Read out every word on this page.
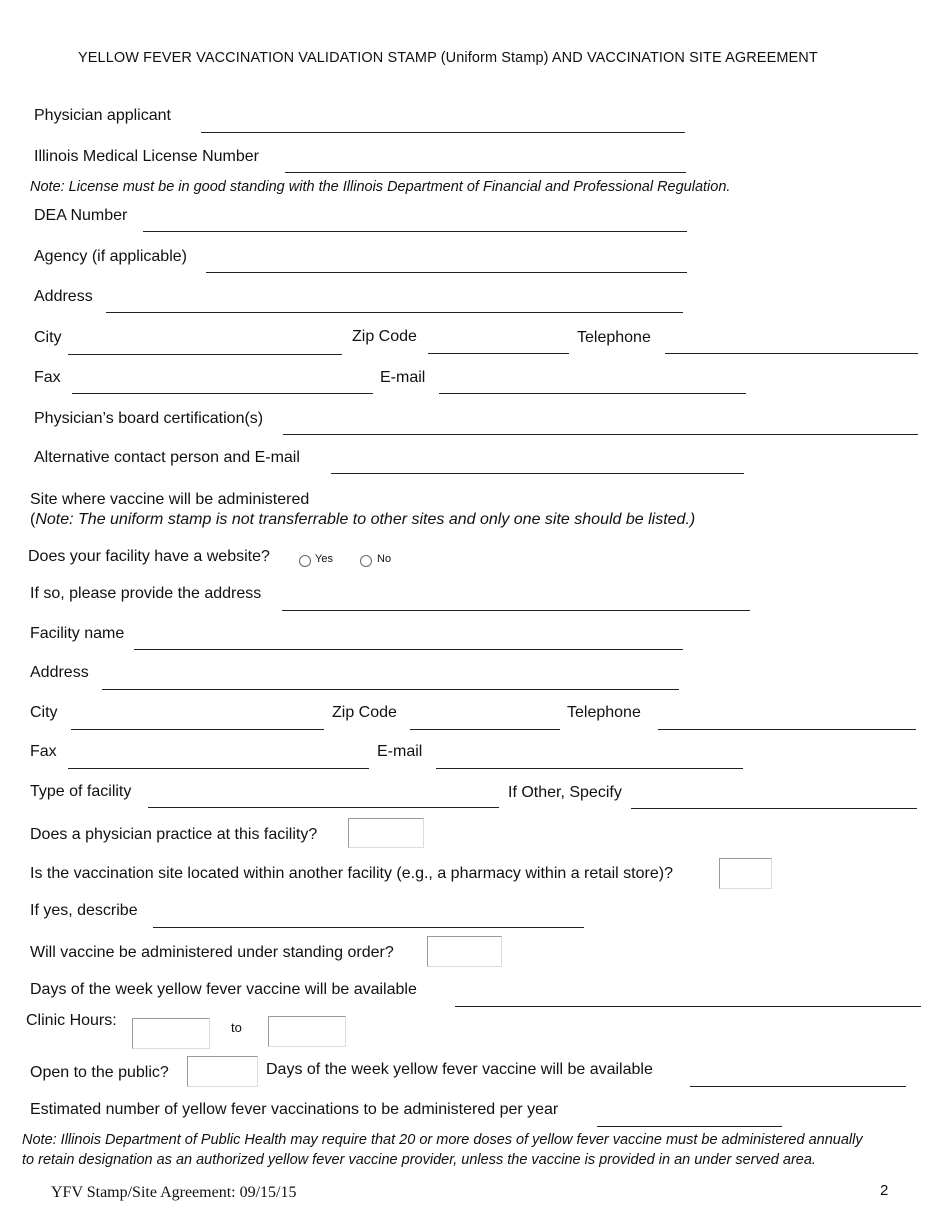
YELLOW FEVER VACCINATION VALIDATION STAMP (Uniform Stamp) AND VACCINATION SITE AGREEMENT
Physician applicant
Illinois Medical License Number
Note: License must be in good standing with the Illinois Department of Financial and Professional Regulation.
DEA Number
Agency (if applicable)
Address
City	Zip Code	Telephone
Fax	E-mail
Physician’s board certification(s)
Alternative contact person and E-mail
Site where vaccine will be administered
(Note: The uniform stamp is not transferrable to other sites and only one site should be listed.)
Does your facility have a website?	Yes	No
If so, please provide the address
Facility name
Address
City	Zip Code	Telephone
Fax	E-mail
Type of facility	If Other, Specify
Does a physician practice at this facility?
Is the vaccination site located within another facility (e.g., a pharmacy within a retail store)?
If yes, describe
Will vaccine be administered under standing order?
Days of the week yellow fever vaccine will be available
Clinic Hours:	to
Open to the public?	Days of the week yellow fever vaccine will be available
Estimated number of yellow fever vaccinations to be administered per year
Note: Illinois Department of Public Health may require that 20 or more doses of yellow fever vaccine must be administered annually
to retain designation as an authorized yellow fever vaccine provider, unless the vaccine is provided in an under served area.
YFV Stamp/Site Agreement: 09/15/15	2
